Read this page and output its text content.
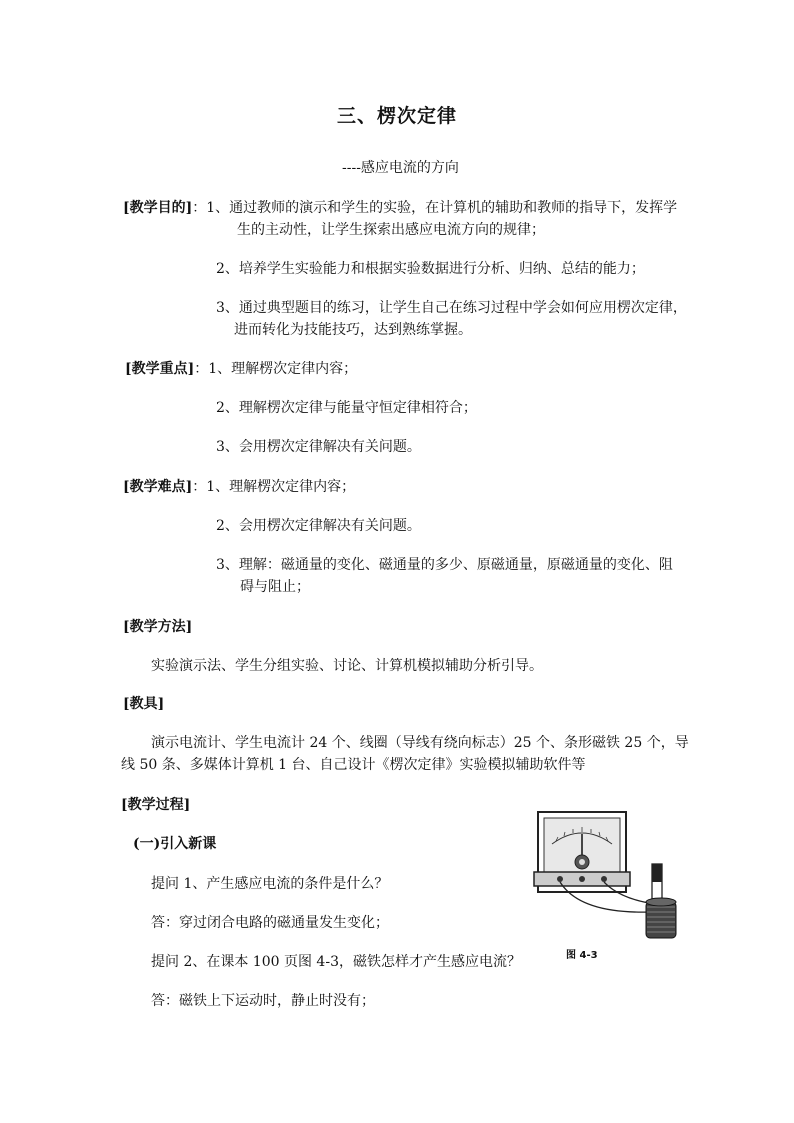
三、楞次定律
----感应电流的方向
[教学目的]：1、通过教师的演示和学生的实验，在计算机的辅助和教师的指导下，发挥学
生的主动性，让学生探索出感应电流方向的规律；
2、培养学生实验能力和根据实验数据进行分析、归纳、总结的能力；
3、通过典型题目的练习，让学生自己在练习过程中学会如何应用楞次定律，
进而转化为技能技巧，达到熟练掌握。
[教学重点]：1、理解楞次定律内容；
2、理解楞次定律与能量守恒定律相符合；
3、会用楞次定律解决有关问题。
[教学难点]：1、理解楞次定律内容；
2、会用楞次定律解决有关问题。
3、理解：磁通量的变化、磁通量的多少、原磁通量，原磁通量的变化、阻
碍与阻止；
[教学方法]
实验演示法、学生分组实验、讨论、计算机模拟辅助分析引导。
[教具]
演示电流计、学生电流计 24 个、线圈（导线有绕向标志）25 个、条形磁铁 25 个，导
线 50 条、多媒体计算机 1 台、自己设计《楞次定律》实验模拟辅助软件等
[教学过程]
(一)引入新课
提问 1、产生感应电流的条件是什么？
答：穿过闭合电路的磁通量发生变化；
提问 2、在课本 100 页图 4-3，磁铁怎样才产生感应电流？
答：磁铁上下运动时，静止时没有；
图 4-3
